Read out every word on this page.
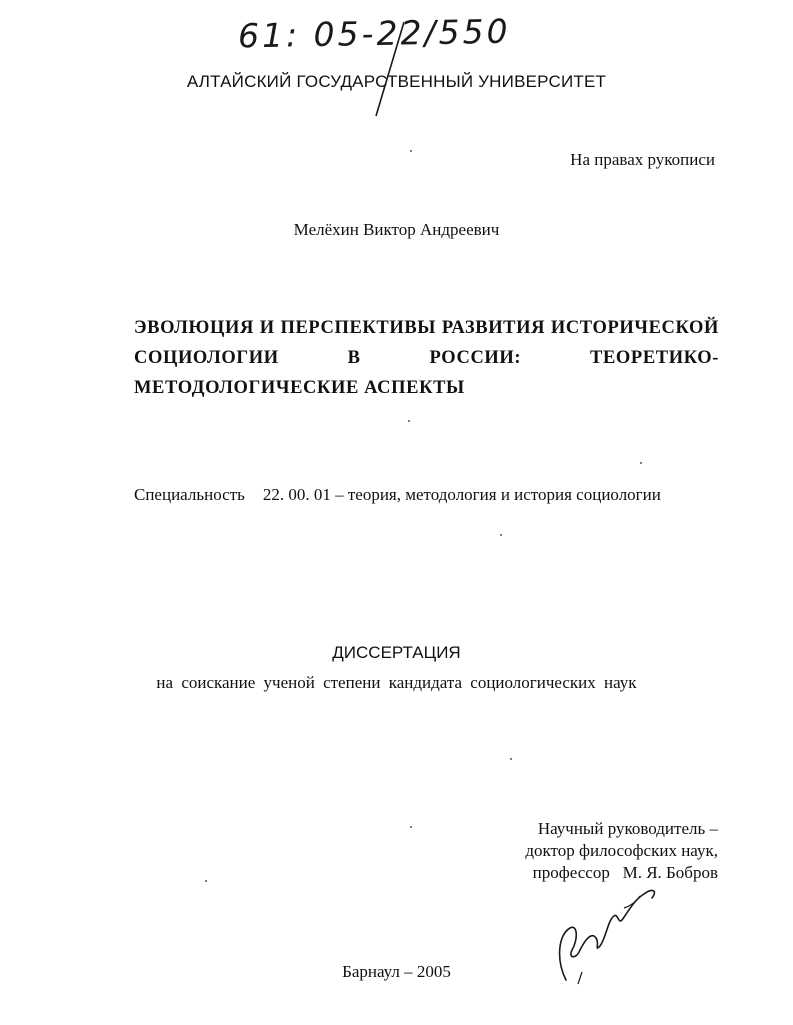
61: 05-22/550

АЛТАЙСКИЙ ГОСУДАРСТВЕННЫЙ УНИВЕРСИТЕТ

На правах рукописи

Мелёхин Виктор Андреевич

ЭВОЛЮЦИЯ И ПЕРСПЕКТИВЫ РАЗВИТИЯ ИСТОРИЧЕСКОЙ СОЦИОЛОГИИ В РОССИИ: ТЕОРЕТИКО-МЕТОДОЛОГИЧЕСКИЕ АСПЕКТЫ

Специальность 22. 00. 01 – теория, методология и история социологии

ДИССЕРТАЦИЯ

на соискание ученой степени кандидата социологических наук

Научный руководитель –
доктор философских наук,
профессор М. Я. Бобров

Барнаул – 2005
